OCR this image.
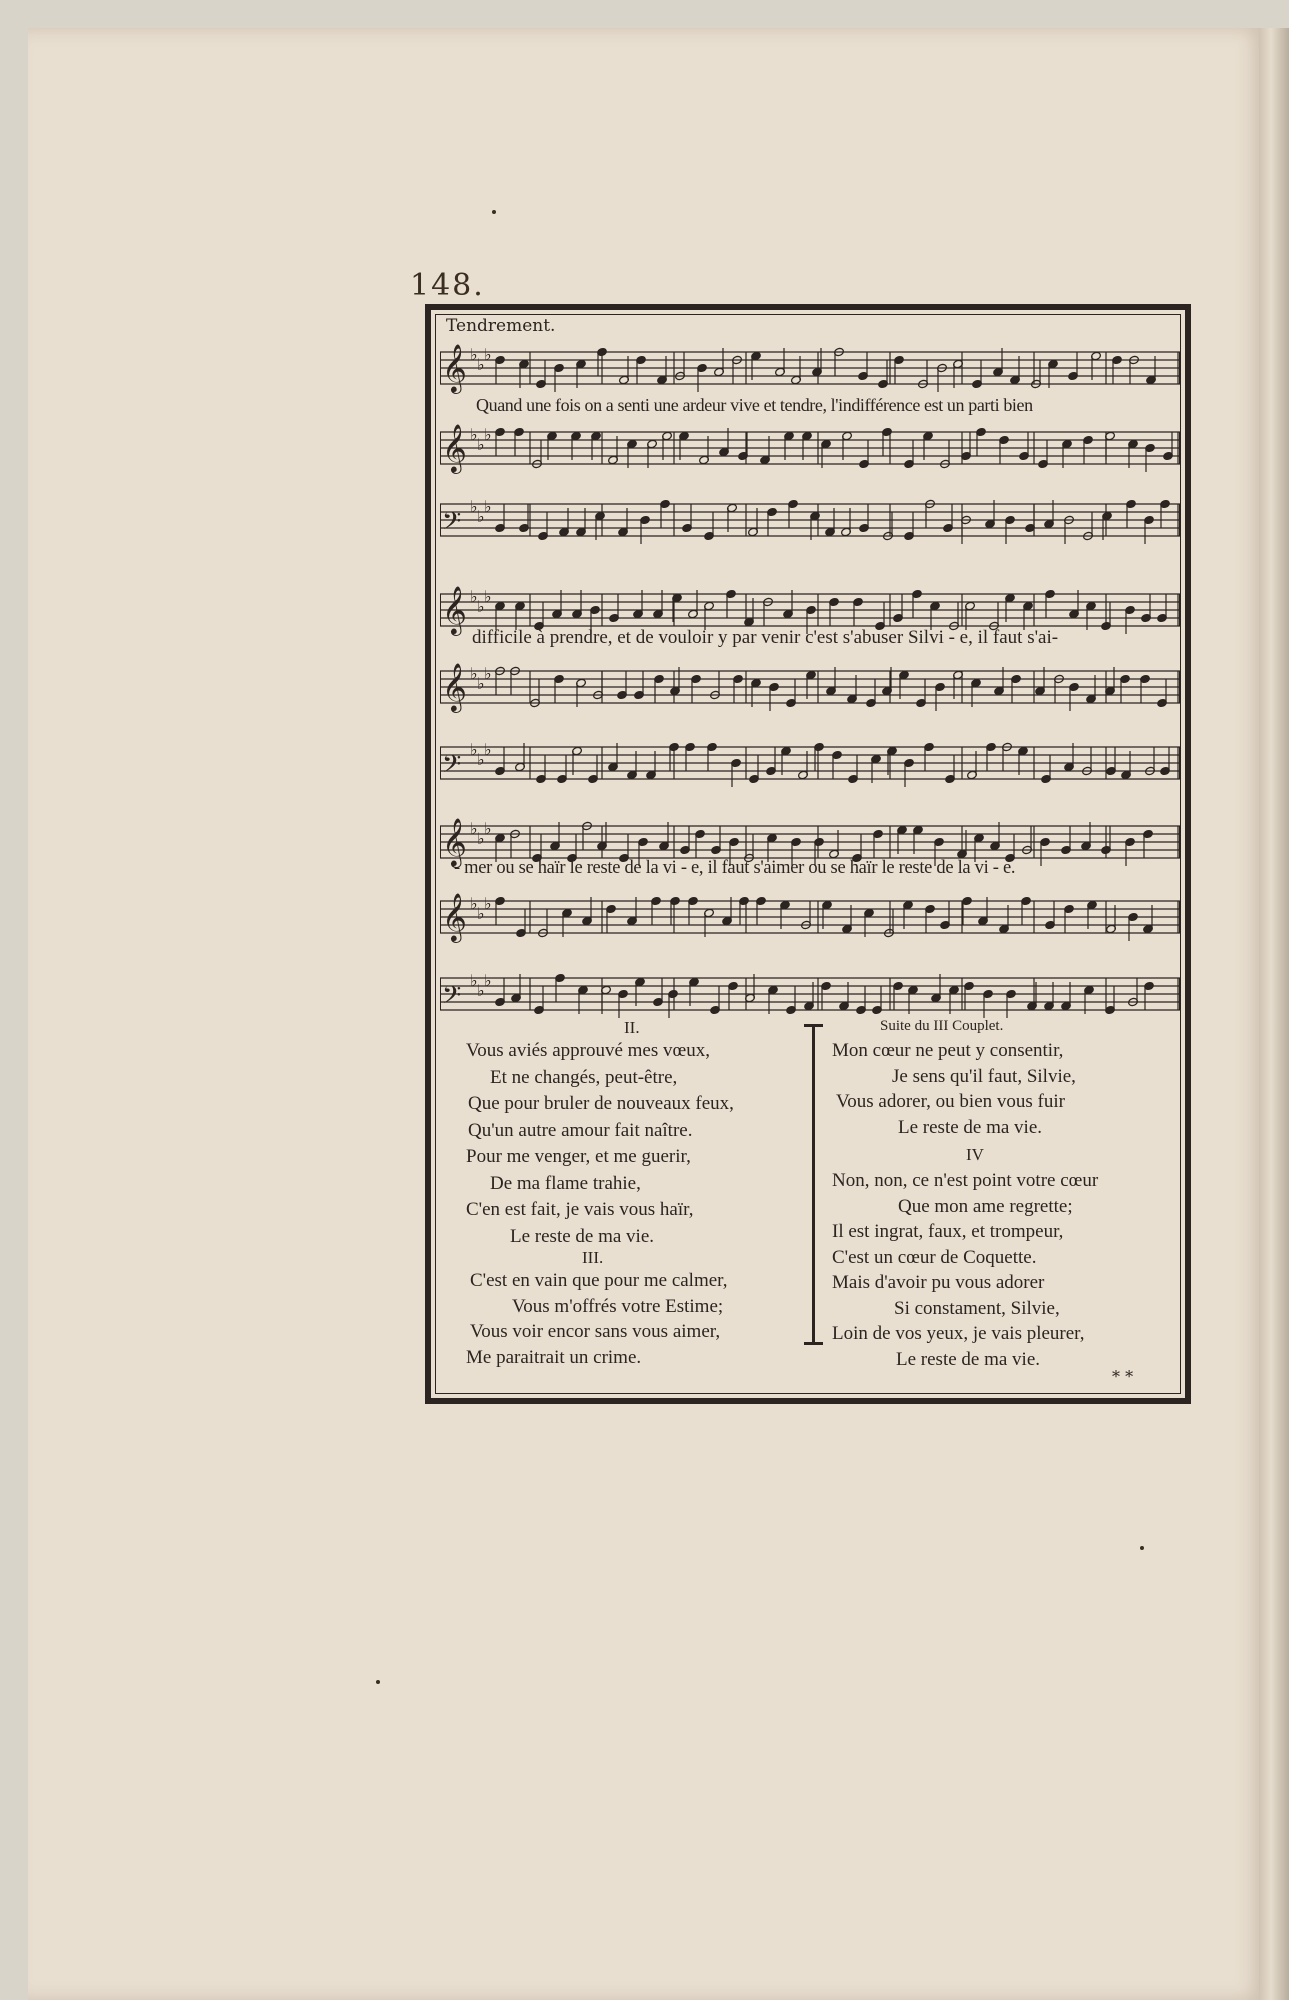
148.
Tendrement.
𝄞 ♭
♭
♭
𝄞 ♭
♭
♭
𝄢
♭
♭
♭
𝄞 ♭
♭
♭
𝄞 ♭
♭
♭
𝄢
♭
♭
♭
𝄞 ♭
♭
♭
𝄞 ♭
♭
♭
𝄢
♭
♭
♭
Quand une fois on a senti une ardeur vive et tendre, l'indifférence est un parti bien
difficile à prendre, et de vouloir y par venir c'est s'abuser Silvi - e, il faut s'ai-
- mer ou se haïr le reste de la vi - e, il faut s'aimer ou se haïr le reste de la vi - e.
II.
Vous aviés approuvé mes vœux,
Et ne changés, peut-être,
Que pour bruler de nouveaux feux,
Qu'un autre amour fait naître.
Pour me venger, et me guerir,
De ma flame trahie,
C'en est fait, je vais vous haïr,
Le reste de ma vie.
III.
C'est en vain que pour me calmer,
Vous m'offrés votre Estime;
Vous voir encor sans vous aimer,
Me paraitrait un crime.
Suite du III Couplet.
Mon cœur ne peut y consentir,
Je sens qu'il faut, Silvie,
Vous adorer, ou bien vous fuir
Le reste de ma vie.
IV
Non, non, ce n'est point votre cœur
Que mon ame regrette;
Il est ingrat, faux, et trompeur,
C'est un cœur de Coquette.
Mais d'avoir pu vous adorer
Si constament, Silvie,
Loin de vos yeux, je vais pleurer,
Le reste de ma vie.
* *
